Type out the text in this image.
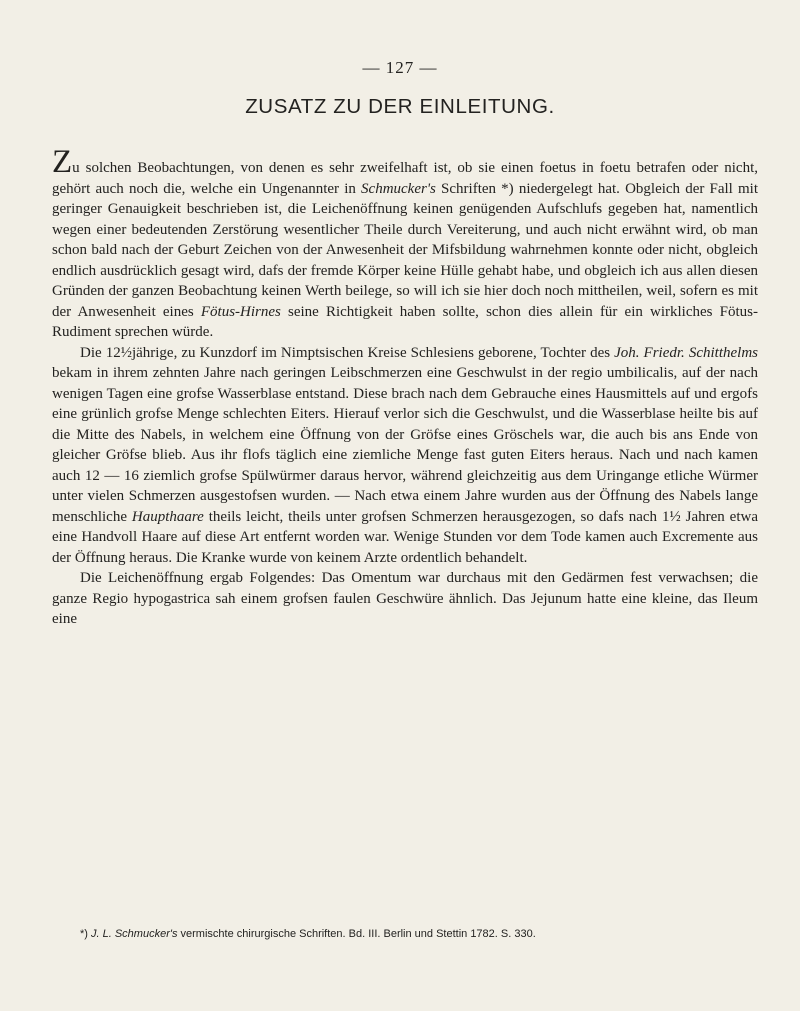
— 127 —
ZUSATZ ZU DER EINLEITUNG.

Zu solchen Beobachtungen, von denen es sehr zweifelhaft ist, ob sie einen foetus in foetu betrafen oder nicht, gehört auch noch die, welche ein Ungenannter in Schmucker's Schriften *) niedergelegt hat. Obgleich der Fall mit geringer Genauigkeit beschrieben ist, die Leichenöffnung keinen genügenden Aufschlufs gegeben hat, namentlich wegen einer bedeutenden Zerstörung wesentlicher Theile durch Vereiterung, und auch nicht erwähnt wird, ob man schon bald nach der Geburt Zeichen von der Anwesenheit der Mifsbildung wahrnehmen konnte oder nicht, obgleich endlich ausdrücklich gesagt wird, dafs der fremde Körper keine Hülle gehabt habe, und obgleich ich aus allen diesen Gründen der ganzen Beobachtung keinen Werth beilege, so will ich sie hier doch noch mittheilen, weil, sofern es mit der Anwesenheit eines Fötus-Hirnes seine Richtigkeit haben sollte, schon dies allein für ein wirkliches Fötus-Rudiment sprechen würde.

Die 12½jährige, zu Kunzdorf im Nimptsischen Kreise Schlesiens geborene, Tochter des Joh. Friedr. Schitthelms bekam in ihrem zehnten Jahre nach geringen Leibschmerzen eine Geschwulst in der regio umbilicalis, auf der nach wenigen Tagen eine grofse Wasserblase entstand. Diese brach nach dem Gebrauche eines Hausmittels auf und ergofs eine grünlich grofse Menge schlechten Eiters. Hierauf verlor sich die Geschwulst, und die Wasserblase heilte bis auf die Mitte des Nabels, in welchem eine Öffnung von der Gröfse eines Gröschels war, die auch bis ans Ende von gleicher Gröfse blieb. Aus ihr flofs täglich eine ziemliche Menge fast guten Eiters heraus. Nach und nach kamen auch 12 — 16 ziemlich grofse Spülwürmer daraus hervor, während gleichzeitig aus dem Uringange etliche Würmer unter vielen Schmerzen ausgestofsen wurden. — Nach etwa einem Jahre wurden aus der Öffnung des Nabels lange menschliche Haupthaare theils leicht, theils unter grofsen Schmerzen herausgezogen, so dafs nach 1½ Jahren etwa eine Handvoll Haare auf diese Art entfernt worden war. Wenige Stunden vor dem Tode kamen auch Excremente aus der Öffnung heraus. Die Kranke wurde von keinem Arzte ordentlich behandelt.

Die Leichenöffnung ergab Folgendes: Das Omentum war durchaus mit den Gedärmen fest verwachsen; die ganze Regio hypogastrica sah einem grofsen faulen Geschwüre ähnlich. Das Jejunum hatte eine kleine, das Ileum eine

*) J. L. Schmucker's vermischte chirurgische Schriften. Bd. III. Berlin und Stettin 1782. S. 330.
